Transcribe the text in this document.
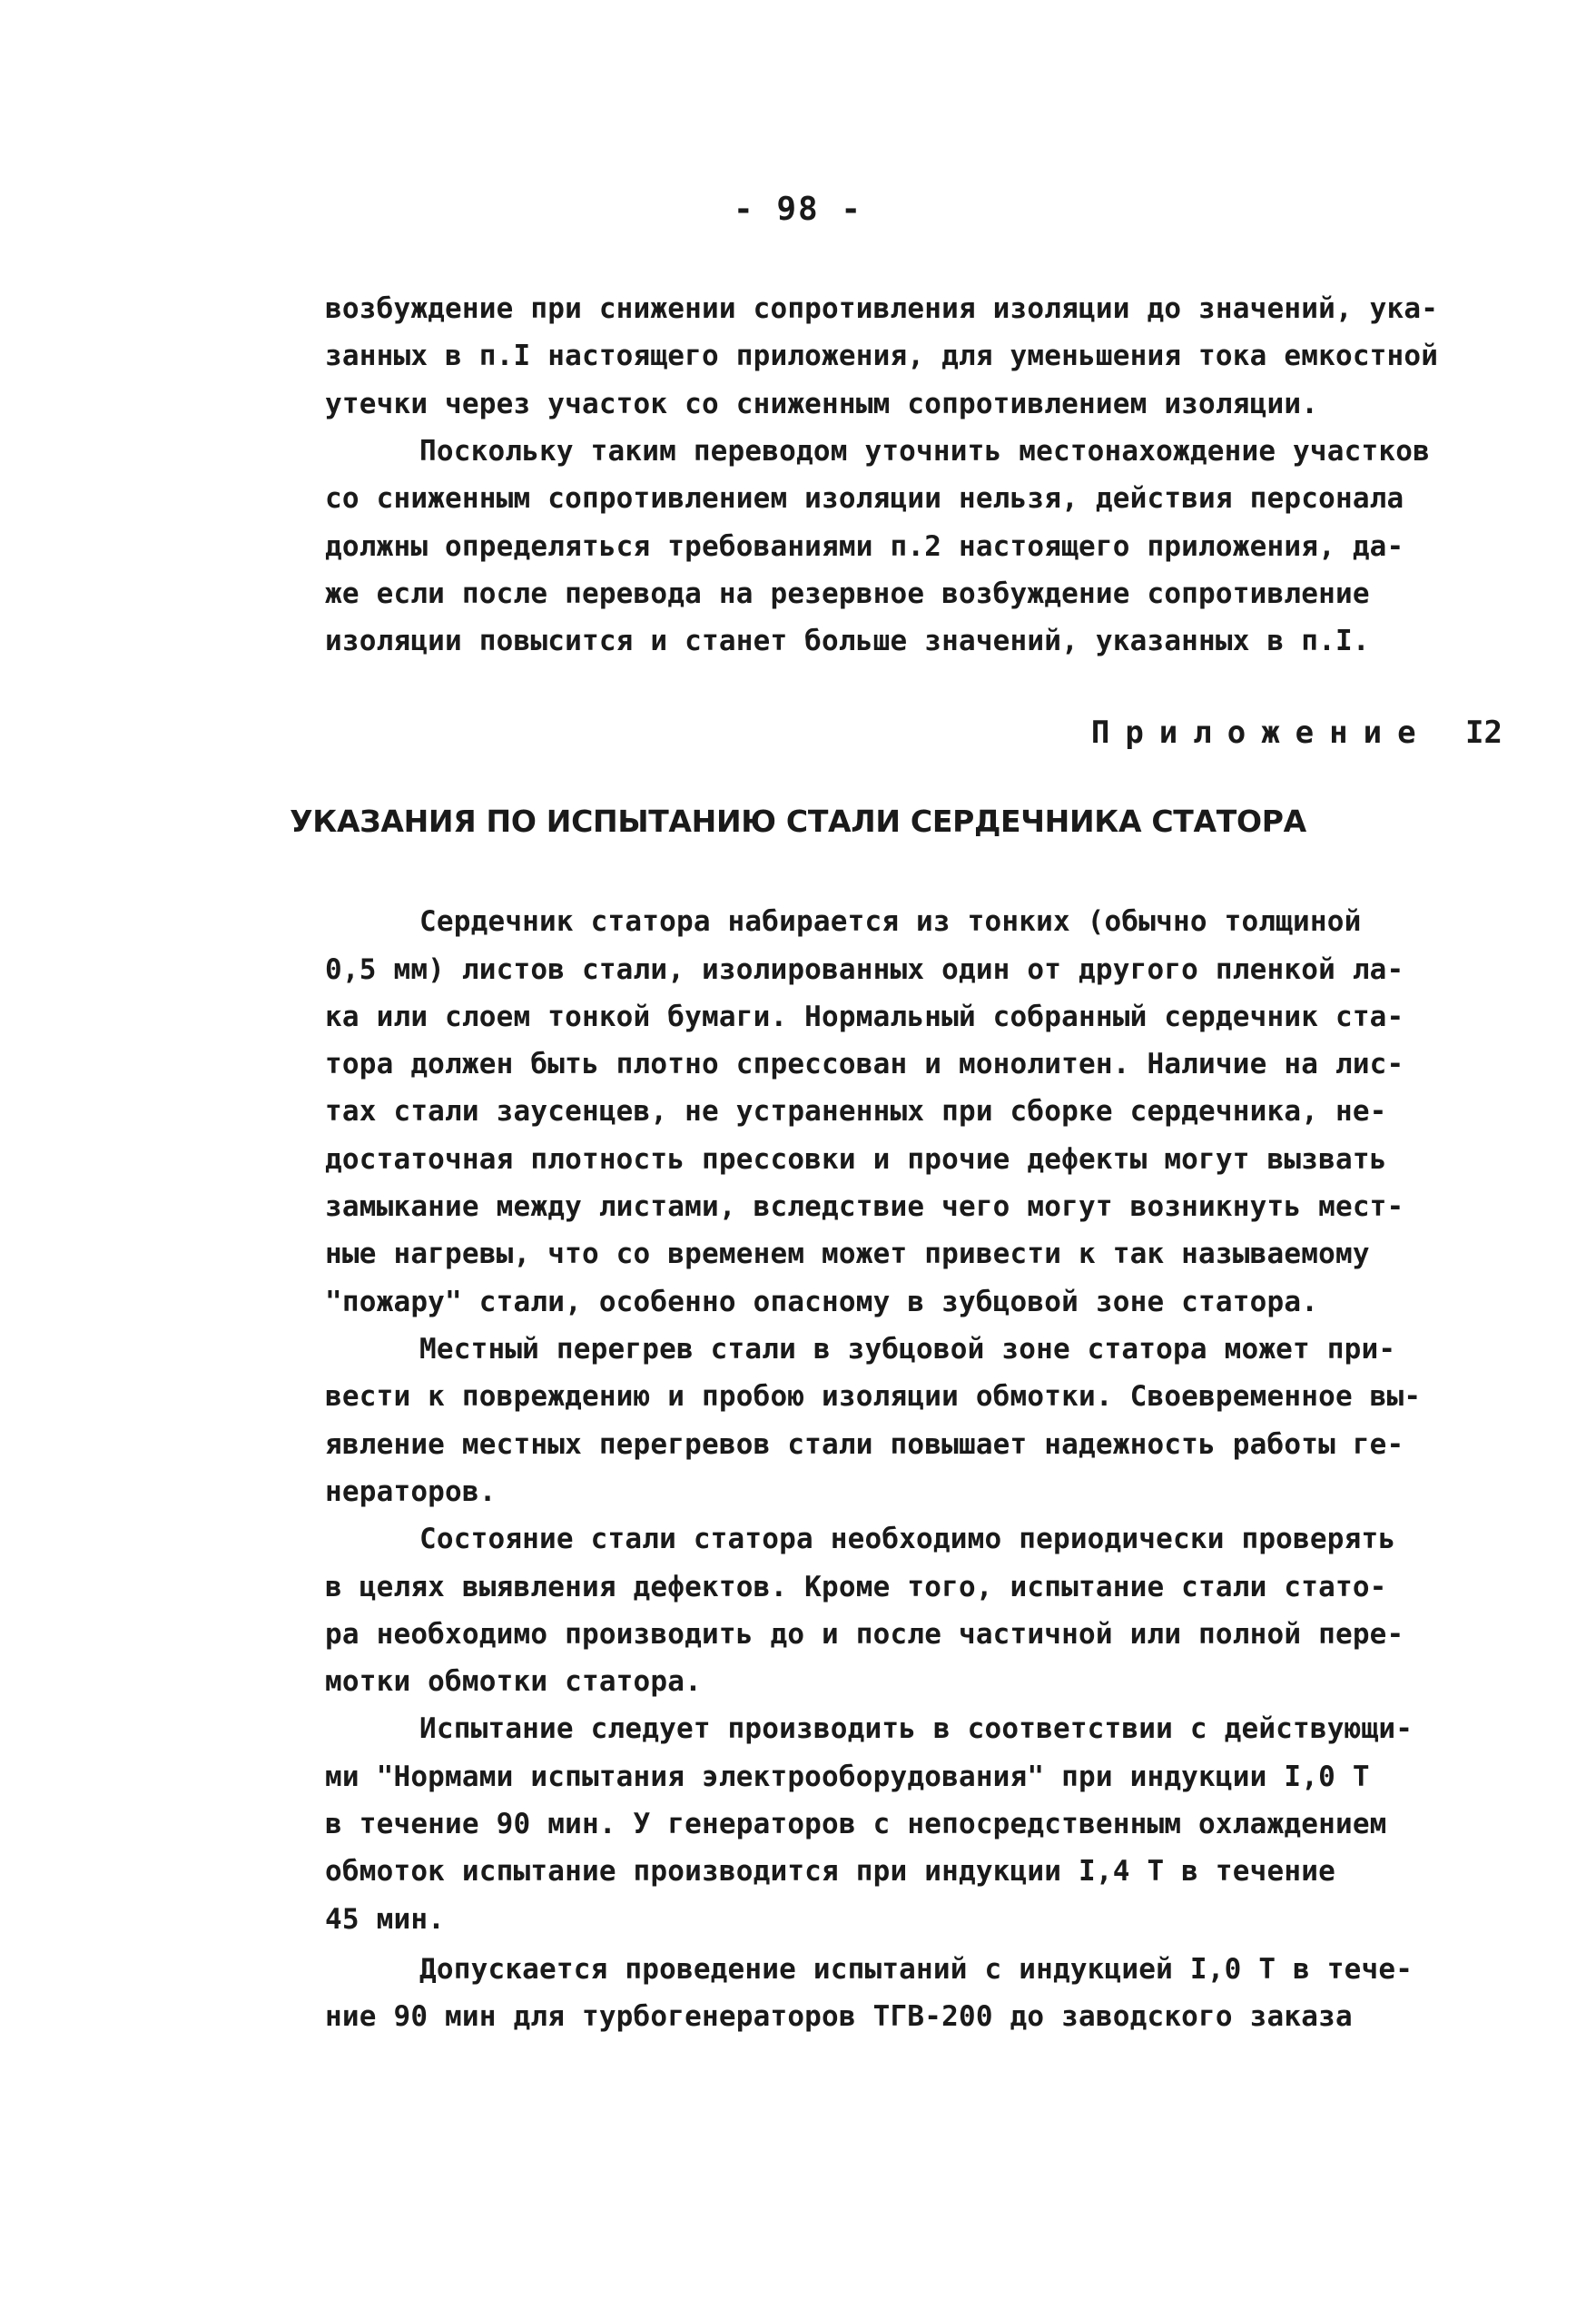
- 98 -
возбуждение при снижении сопротивления изоляции до значений, ука-
занных в п.I настоящего приложения, для уменьшения тока емкостной
утечки через участок со сниженным сопротивлением изоляции.
Поскольку таким переводом уточнить местонахождение участков
со сниженным сопротивлением изоляции нельзя, действия персонала
должны определяться требованиями п.2 настоящего приложения, да-
же если после перевода на резервное возбуждение сопротивление
изоляции повысится и станет больше значений, указанных в п.I.
Приложение I2
УКАЗАНИЯ ПО ИСПЫТАНИЮ СТАЛИ СЕРДЕЧНИКА СТАТОРА
Сердечник статора набирается из тонких (обычно толщиной
0,5 мм) листов стали, изолированных один от другого пленкой ла-
ка или слоем тонкой бумаги. Нормальный собранный сердечник ста-
тора должен быть плотно спрессован и монолитен. Наличие на лис-
тах стали заусенцев, не устраненных при сборке сердечника, не-
достаточная плотность прессовки и прочие дефекты могут вызвать
замыкание между листами, вследствие чего могут возникнуть мест-
ные нагревы, что со временем может привести к так называемому
"пожару" стали, особенно опасному в зубцовой зоне статора.
Местный перегрев стали в зубцовой зоне статора может при-
вести к повреждению и пробою изоляции обмотки. Своевременное вы-
явление местных перегревов стали повышает надежность работы ге-
нераторов.
Состояние стали статора необходимо периодически проверять
в целях выявления дефектов. Кроме того, испытание стали стато-
ра необходимо производить до и после частичной или полной пере-
мотки обмотки статора.
Испытание следует производить в соответствии с действующи-
ми "Нормами испытания электрооборудования" при индукции I,0 Т
в течение 90 мин. У генераторов с непосредственным охлаждением
обмоток испытание производится при индукции I,4 Т в течение
45 мин.
Допускается проведение испытаний с индукцией I,0 Т в тече-
ние 90 мин для турбогенераторов ТГВ-200 до заводского заказа
